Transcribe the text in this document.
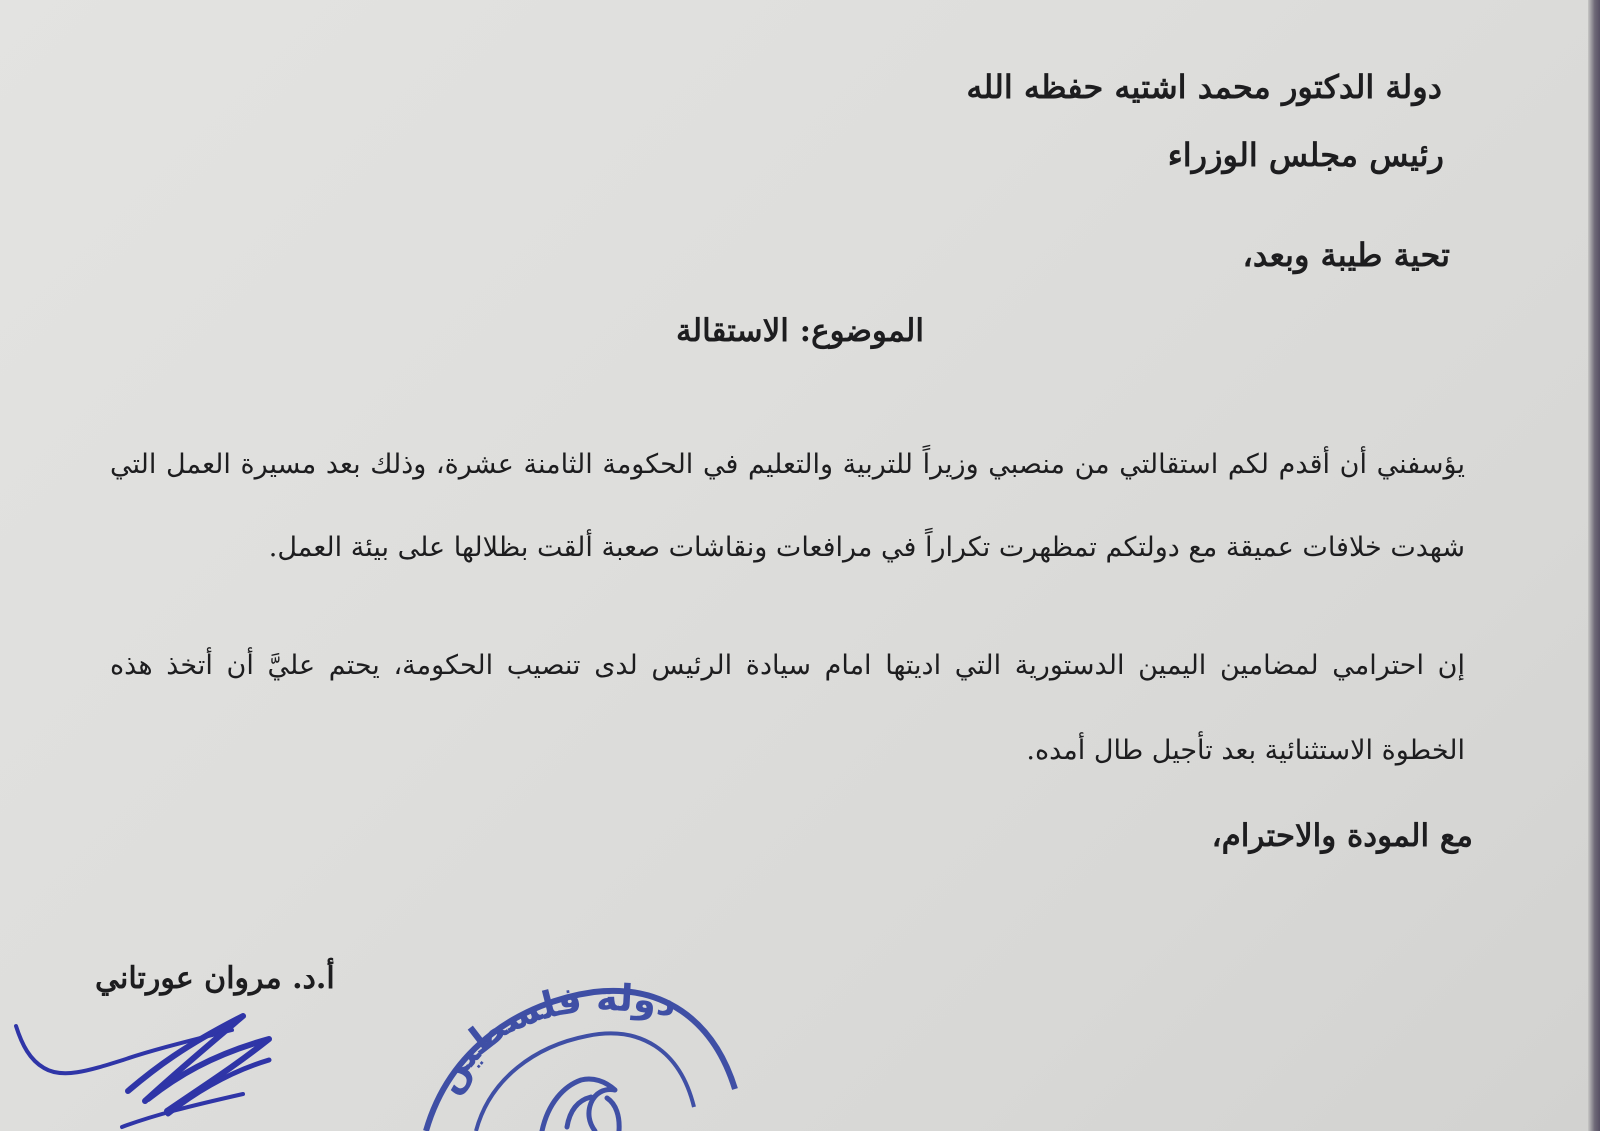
دولة الدكتور محمد اشتيه حفظه الله
رئيس مجلس الوزراء
تحية طيبة وبعد،
الموضوع: الاستقالة
يؤسفني أن أقدم لكم استقالتي من منصبي وزيراً للتربية والتعليم في الحكومة الثامنة عشرة، وذلك بعد مسيرة العمل التي
شهدت خلافات عميقة مع دولتكم تمظهرت تكراراً في مرافعات ونقاشات صعبة ألقت بظلالها على بيئة العمل.
إن احترامي لمضامين اليمين الدستورية التي اديتها امام سيادة الرئيس لدى تنصيب الحكومة، يحتم عليَّ أن أتخذ هذه
الخطوة الاستثنائية بعد تأجيل طال أمده.
مع المودة والاحترام،
أ.د. مروان عورتاني
دولة فلسطين
